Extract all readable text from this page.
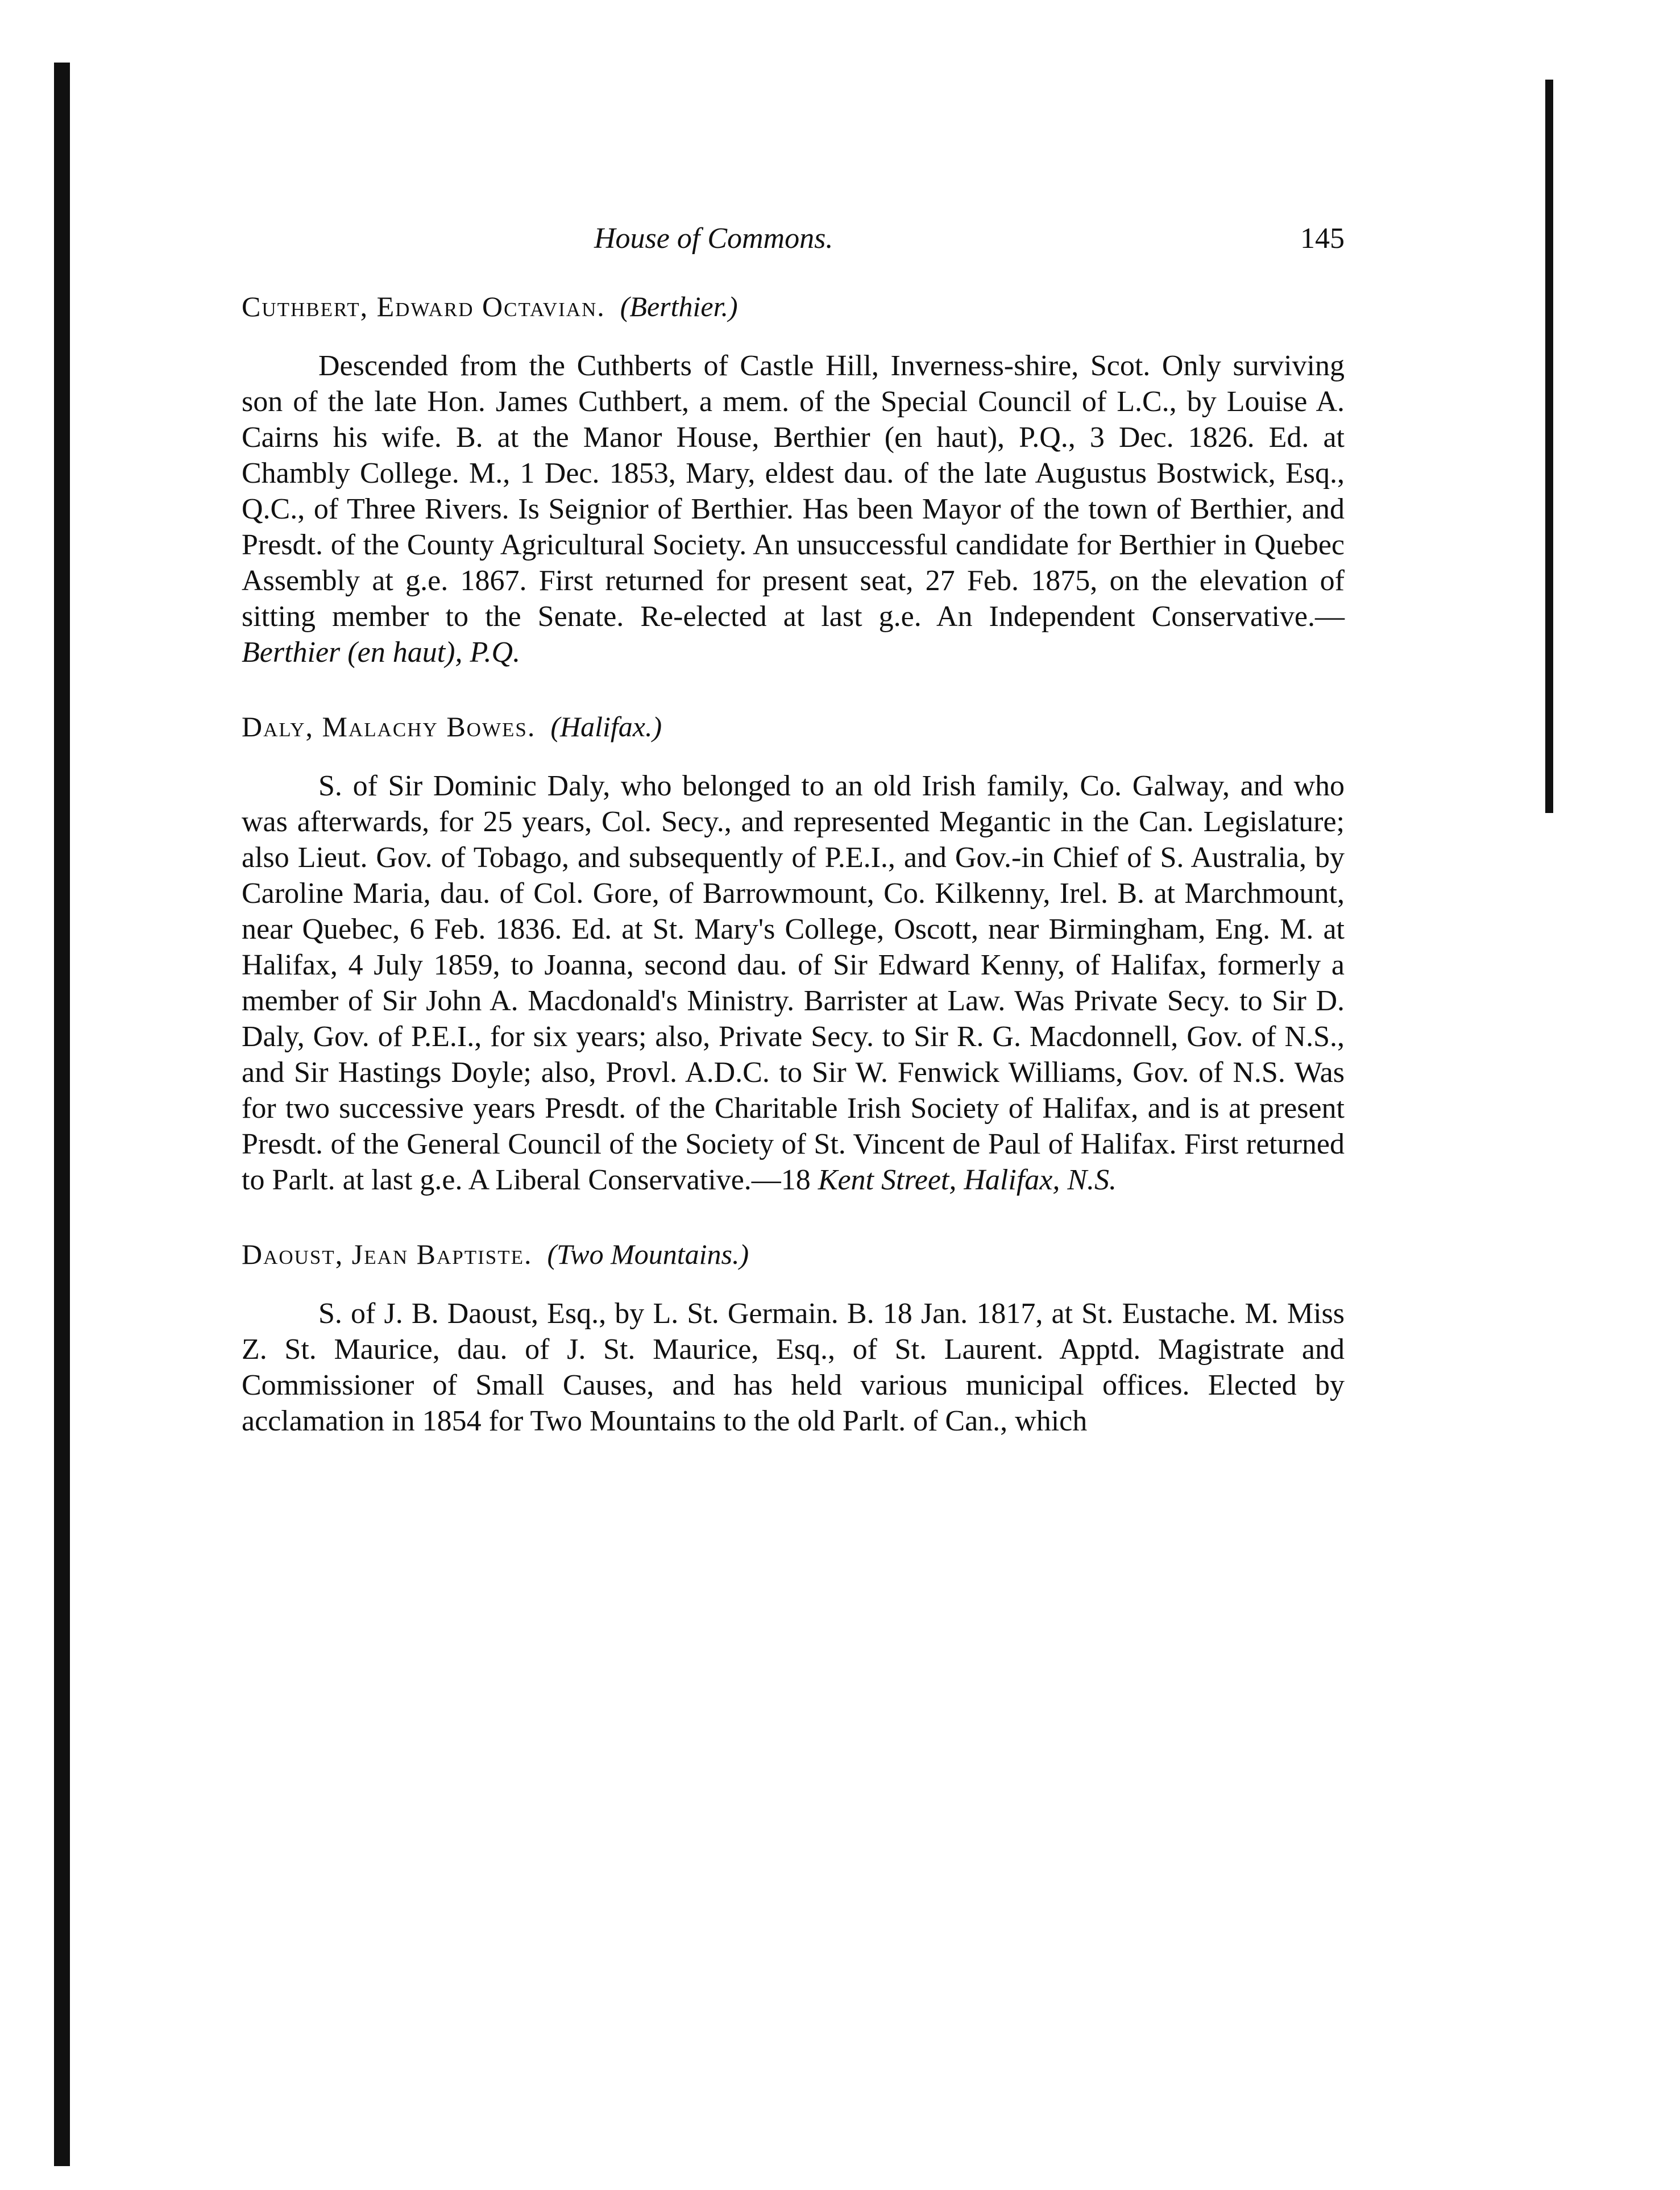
House of Commons.	145

Cuthbert, Edward Octavian. (Berthier.)

Descended from the Cuthberts of Castle Hill, Inverness-shire, Scot. Only surviving son of the late Hon. James Cuthbert, a mem. of the Special Council of L.C., by Louise A. Cairns his wife. B. at the Manor House, Berthier (en haut), P.Q., 3 Dec. 1826. Ed. at Chambly College. M., 1 Dec. 1853, Mary, eldest dau. of the late Augustus Bostwick, Esq., Q.C., of Three Rivers. Is Seignior of Berthier. Has been Mayor of the town of Berthier, and Presdt. of the County Agricultural Society. An unsuccessful candidate for Berthier in Quebec Assembly at g.e. 1867. First returned for present seat, 27 Feb. 1875, on the elevation of sitting member to the Senate. Re-elected at last g.e. An Independent Conservative.— Berthier (en haut), P.Q.

Daly, Malachy Bowes. (Halifax.)

S. of Sir Dominic Daly, who belonged to an old Irish family, Co. Galway, and who was afterwards, for 25 years, Col. Secy., and represented Megantic in the Can. Legislature; also Lieut. Gov. of Tobago, and subsequently of P.E.I., and Gov.-in Chief of S. Australia, by Caroline Maria, dau. of Col. Gore, of Barrowmount, Co. Kilkenny, Irel. B. at Marchmount, near Quebec, 6 Feb. 1836. Ed. at St. Mary's College, Oscott, near Birmingham, Eng. M. at Halifax, 4 July 1859, to Joanna, second dau. of Sir Edward Kenny, of Halifax, formerly a member of Sir John A. Macdonald's Ministry. Barrister at Law. Was Private Secy. to Sir D. Daly, Gov. of P.E.I., for six years; also, Private Secy. to Sir R. G. Macdonnell, Gov. of N.S., and Sir Hastings Doyle; also, Provl. A.D.C. to Sir W. Fenwick Williams, Gov. of N.S. Was for two successive years Presdt. of the Charitable Irish Society of Halifax, and is at present Presdt. of the General Council of the Society of St. Vincent de Paul of Halifax. First returned to Parlt. at last g.e. A Liberal Conservative.—18 Kent Street, Halifax, N.S.

Daoust, Jean Baptiste. (Two Mountains.)

S. of J. B. Daoust, Esq., by L. St. Germain. B. 18 Jan. 1817, at St. Eustache. M. Miss Z. St. Maurice, dau. of J. St. Maurice, Esq., of St. Laurent. Apptd. Magistrate and Commissioner of Small Causes, and has held various municipal offices. Elected by acclamation in 1854 for Two Mountains to the old Parlt. of Can., which
